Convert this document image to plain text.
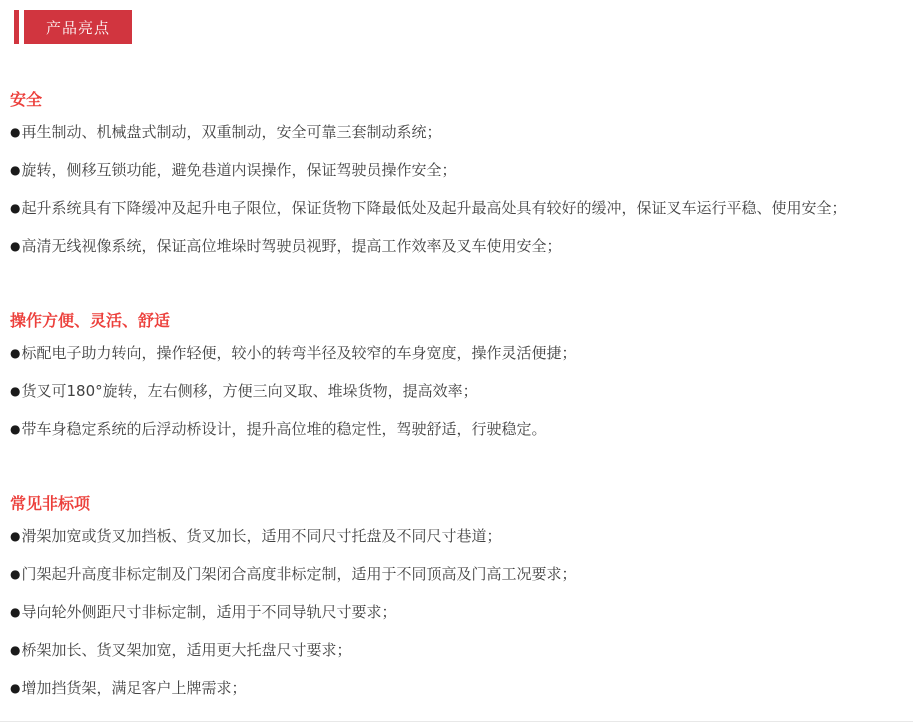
产品亮点
安全
●再生制动、机械盘式制动，双重制动，安全可靠三套制动系统；
●旋转，侧移互锁功能，避免巷道内误操作，保证驾驶员操作安全；
●起升系统具有下降缓冲及起升电子限位，保证货物下降最低处及起升最高处具有较好的缓冲，保证叉车运行平稳、使用安全；
●高清无线视像系统，保证高位堆垛时驾驶员视野，提高工作效率及叉车使用安全；
操作方便、灵活、舒适
●标配电子助力转向，操作轻便，较小的转弯半径及较窄的车身宽度，操作灵活便捷；
●货叉可180°旋转，左右侧移，方便三向叉取、堆垛货物，提高效率；
●带车身稳定系统的后浮动桥设计，提升高位堆的稳定性，驾驶舒适，行驶稳定。
常见非标项
●滑架加宽或货叉加挡板、货叉加长，适用不同尺寸托盘及不同尺寸巷道；
●门架起升高度非标定制及门架闭合高度非标定制，适用于不同顶高及门高工况要求；
●导向轮外侧距尺寸非标定制，适用于不同导轨尺寸要求；
●桥架加长、货叉架加宽，适用更大托盘尺寸要求；
●增加挡货架，满足客户上牌需求；
